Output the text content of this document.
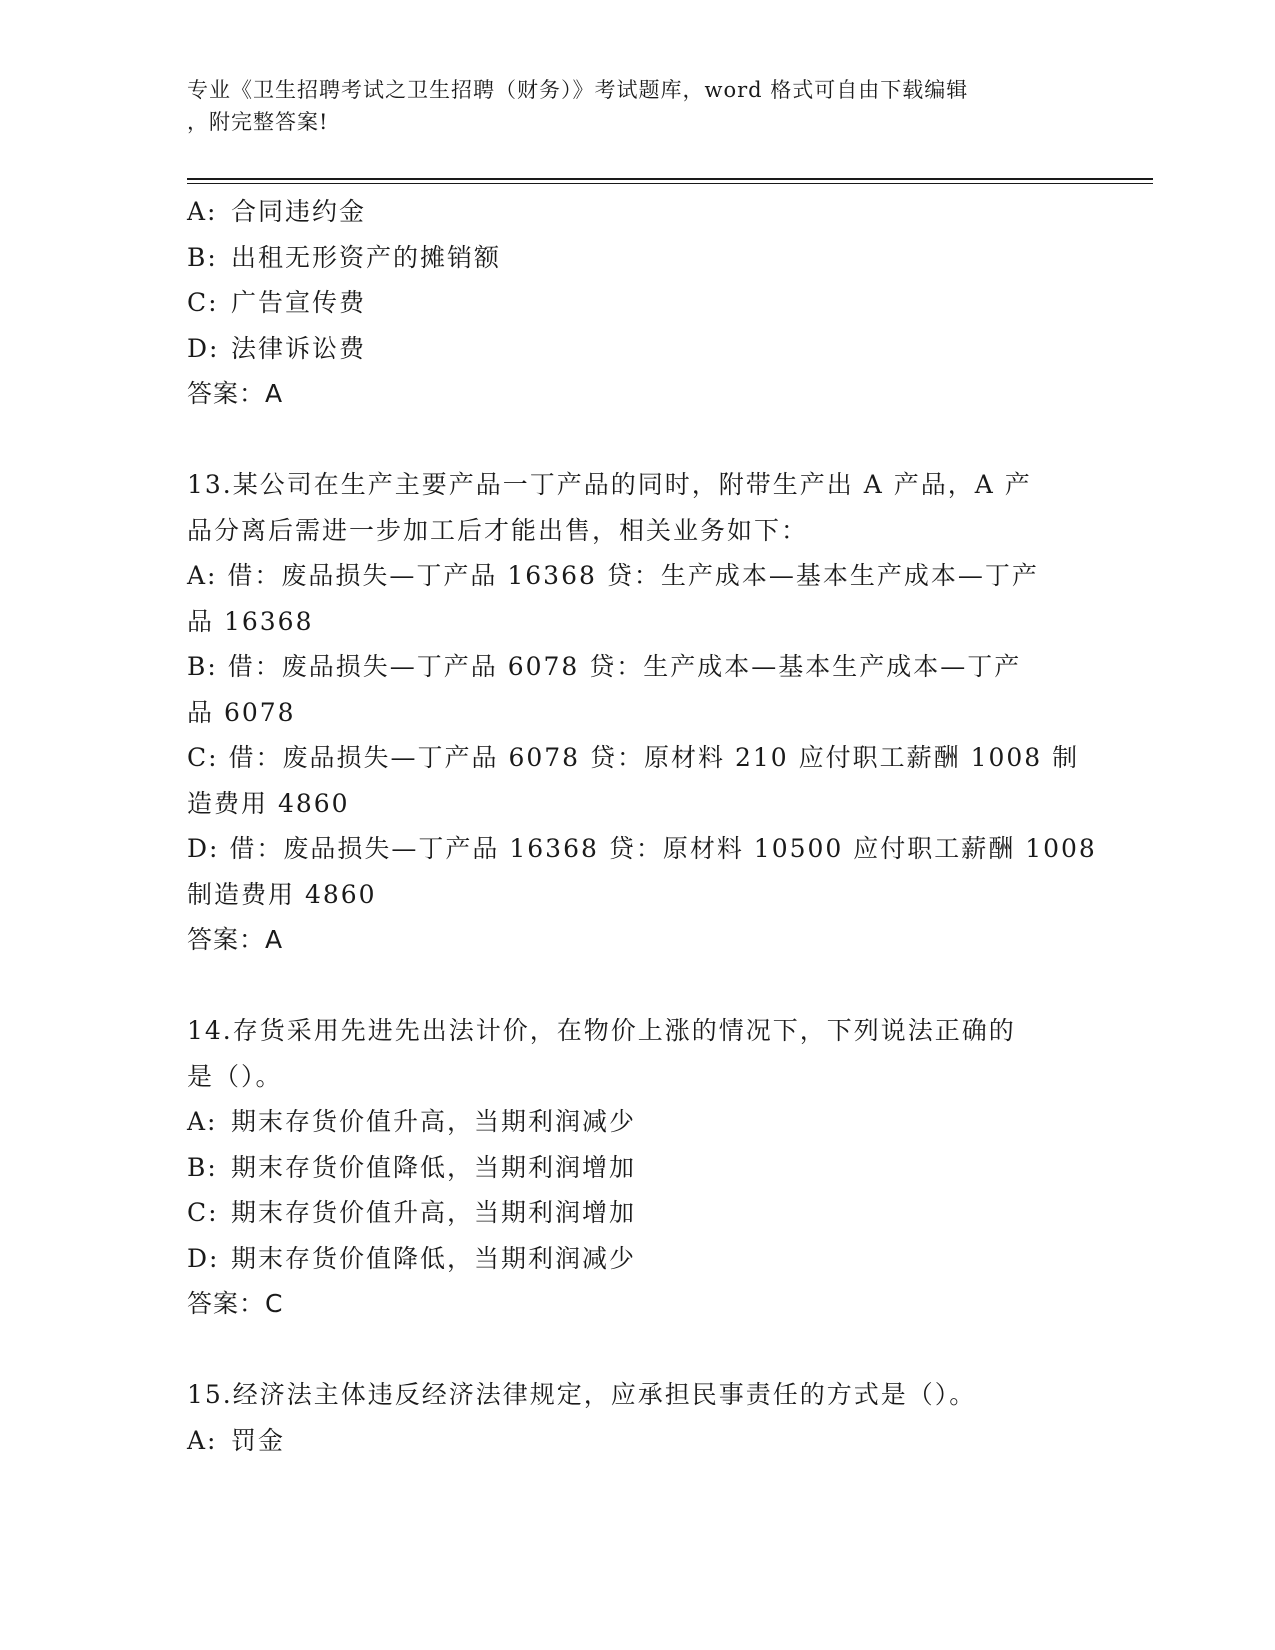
专业《卫生招聘考试之卫生招聘（财务）》考试题库，word 格式可自由下载编辑
，附完整答案!
A: 合同违约金
B: 出租无形资产的摊销额
C: 广告宣传费
D: 法律诉讼费
答案：A
13.某公司在生产主要产品一丁产品的同时，附带生产出 A 产品，A 产
品分离后需进一步加工后才能出售，相关业务如下：
A: 借：废品损失—丁产品 16368 贷：生产成本—基本生产成本—丁产
品 16368
B: 借：废品损失—丁产品 6078 贷：生产成本—基本生产成本—丁产
品 6078
C: 借：废品损失—丁产品 6078 贷：原材料 210 应付职工薪酬 1008 制
造费用 4860
D: 借：废品损失—丁产品 16368 贷：原材料 10500 应付职工薪酬 1008
制造费用 4860
答案：A
14.存货采用先进先出法计价，在物价上涨的情况下，下列说法正确的
是（）。
A: 期末存货价值升高，当期利润减少
B: 期末存货价值降低，当期利润增加
C: 期末存货价值升高，当期利润增加
D: 期末存货价值降低，当期利润减少
答案：C
15.经济法主体违反经济法律规定，应承担民事责任的方式是（）。
A: 罚金
